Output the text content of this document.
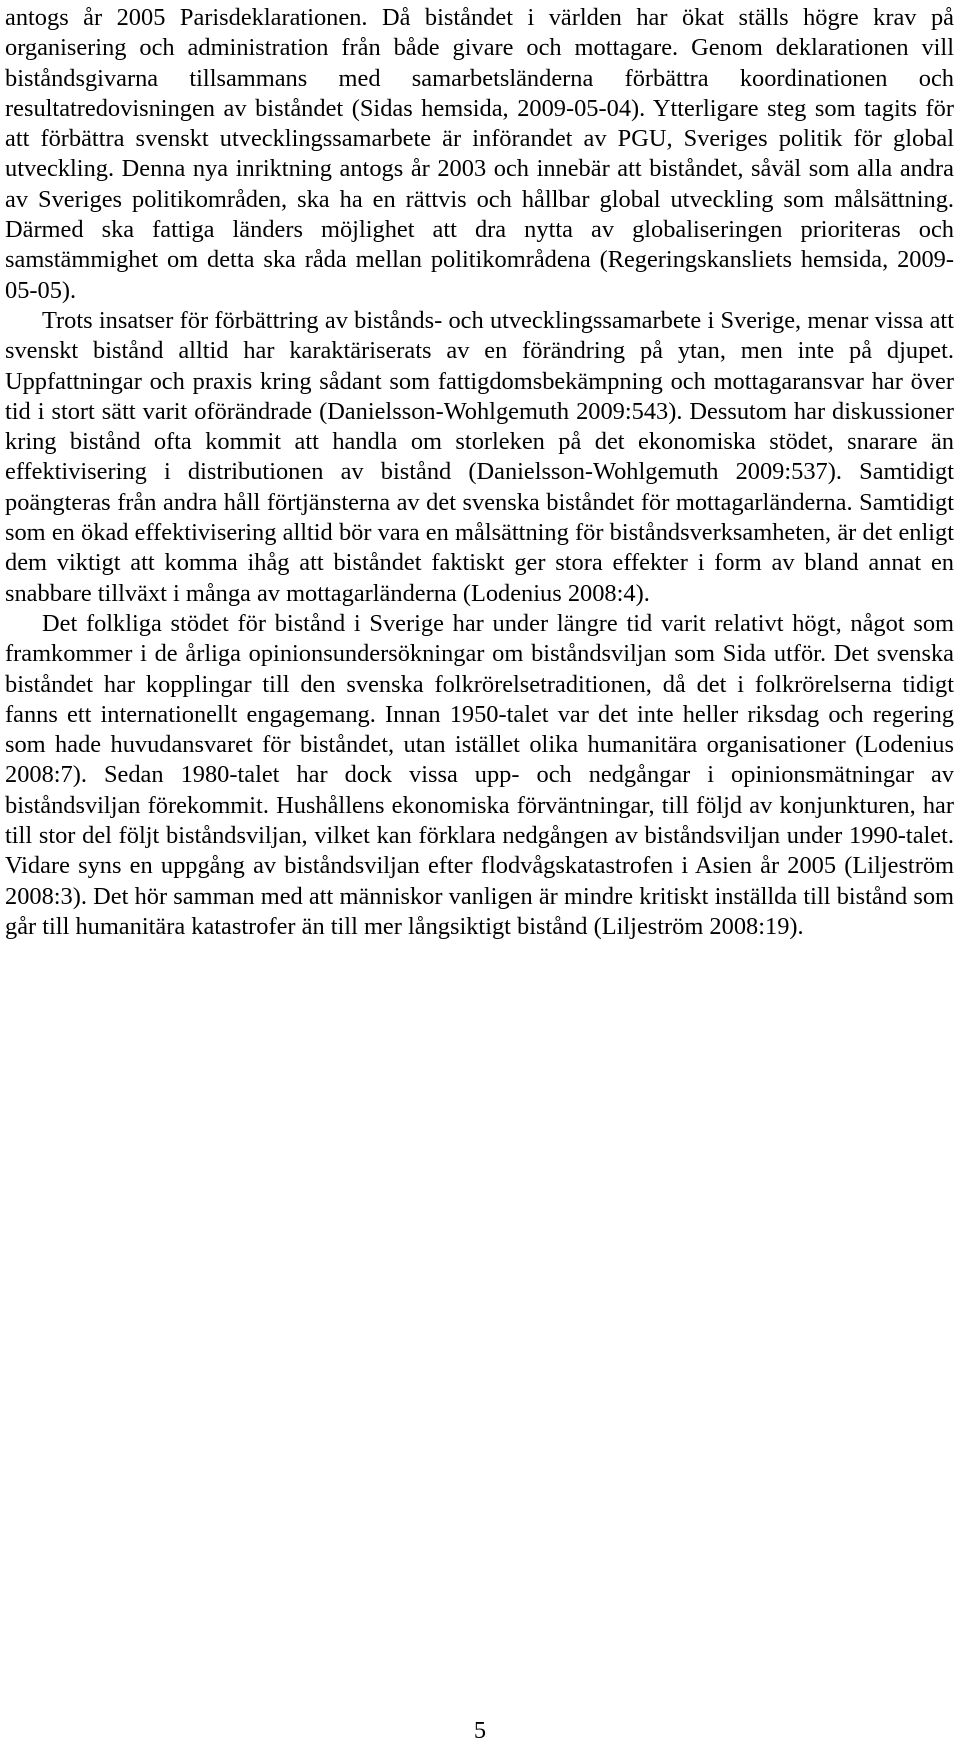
antogs år 2005 Parisdeklarationen. Då biståndet i världen har ökat ställs högre krav på organisering och administration från både givare och mottagare. Genom deklarationen vill biståndsgivarna tillsammans med samarbetsländerna förbättra koordinationen och resultatredovisningen av biståndet (Sidas hemsida, 2009-05-04). Ytterligare steg som tagits för att förbättra svenskt utvecklingssamarbete är införandet av PGU, Sveriges politik för global utveckling. Denna nya inriktning antogs år 2003 och innebär att biståndet, såväl som alla andra av Sveriges politikområden, ska ha en rättvis och hållbar global utveckling som målsättning. Därmed ska fattiga länders möjlighet att dra nytta av globaliseringen prioriteras och samstämmighet om detta ska råda mellan politikområdena (Regeringskansliets hemsida, 2009-05-05).

Trots insatser för förbättring av bistånds- och utvecklingssamarbete i Sverige, menar vissa att svenskt bistånd alltid har karaktäriserats av en förändring på ytan, men inte på djupet. Uppfattningar och praxis kring sådant som fattigdomsbekämpning och mottagaransvar har över tid i stort sätt varit oförändrade (Danielsson-Wohlgemuth 2009:543). Dessutom har diskussioner kring bistånd ofta kommit att handla om storleken på det ekonomiska stödet, snarare än effektivisering i distributionen av bistånd (Danielsson-Wohlgemuth 2009:537). Samtidigt poängteras från andra håll förtjänsterna av det svenska biståndet för mottagarländerna. Samtidigt som en ökad effektivisering alltid bör vara en målsättning för biståndsverksamheten, är det enligt dem viktigt att komma ihåg att biståndet faktiskt ger stora effekter i form av bland annat en snabbare tillväxt i många av mottagarländerna (Lodenius 2008:4).

Det folkliga stödet för bistånd i Sverige har under längre tid varit relativt högt, något som framkommer i de årliga opinionsundersökningar om biståndsviljan som Sida utför. Det svenska biståndet har kopplingar till den svenska folkrörelsetraditionen, då det i folkrörelserna tidigt fanns ett internationellt engagemang. Innan 1950-talet var det inte heller riksdag och regering som hade huvudansvaret för biståndet, utan istället olika humanitära organisationer (Lodenius 2008:7). Sedan 1980-talet har dock vissa upp- och nedgångar i opinionsmätningar av biståndsviljan förekommit. Hushållens ekonomiska förväntningar, till följd av konjunkturen, har till stor del följt biståndsviljan, vilket kan förklara nedgången av biståndsviljan under 1990-talet. Vidare syns en uppgång av biståndsviljan efter flodvågskatastrofen i Asien år 2005 (Liljeström 2008:3). Det hör samman med att människor vanligen är mindre kritiskt inställda till bistånd som går till humanitära katastrofer än till mer långsiktigt bistånd (Liljeström 2008:19).

5
